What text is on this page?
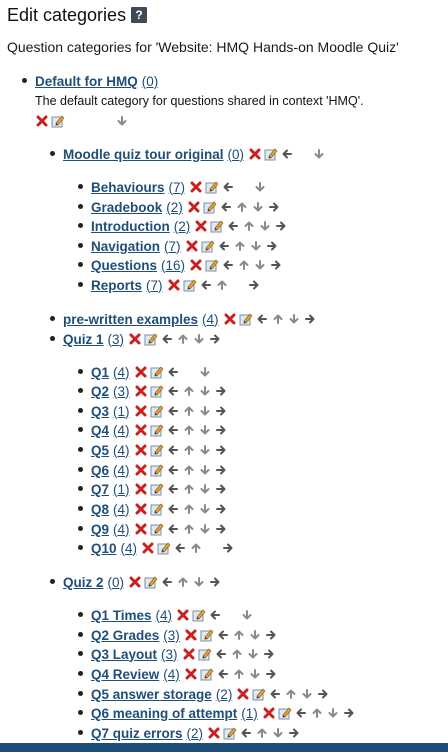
Edit categories ?
Question categories for 'Website: HMQ Hands-on Moodle Quiz'
Default for HMQ (0)
The default category for questions shared in context 'HMQ'.
Moodle quiz tour original (0)
Behaviours (7)
Gradebook (2)
Introduction (2)
Navigation (7)
Questions (16)
Reports (7)
pre-written examples (4)
Quiz 1 (3)
Q1 (4)
Q2 (3)
Q3 (1)
Q4 (4)
Q5 (4)
Q6 (4)
Q7 (1)
Q8 (4)
Q9 (4)
Q10 (4)
Quiz 2 (0)
Q1 Times (4)
Q2 Grades (3)
Q3 Layout (3)
Q4 Review (4)
Q5 answer storage (2)
Q6 meaning of attempt (1)
Q7 quiz errors (2)
